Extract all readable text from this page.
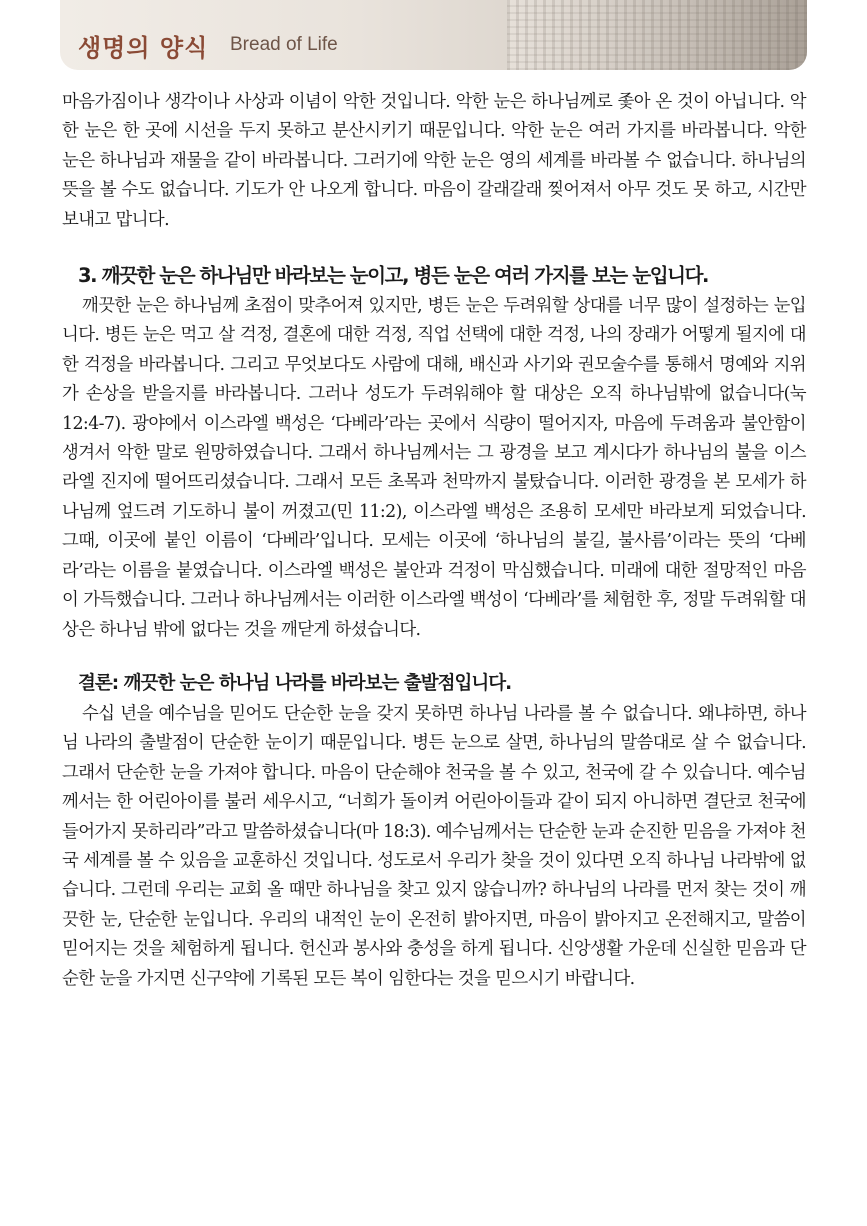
생명의 양식 Bread of Life

마음가짐이나 생각이나 사상과 이념이 악한 것입니다. 악한 눈은 하나님께로 좇아 온 것이 아닙니다. 악한 눈은 한 곳에 시선을 두지 못하고 분산시키기 때문입니다. 악한 눈은 여러 가지를 바라봅니다. 악한 눈은 하나님과 재물을 같이 바라봅니다. 그러기에 악한 눈은 영의 세계를 바라볼 수 없습니다. 하나님의 뜻을 볼 수도 없습니다. 기도가 안 나오게 합니다. 마음이 갈래갈래 찢어져서 아무 것도 못 하고, 시간만 보내고 맙니다.

3. 깨끗한 눈은 하나님만 바라보는 눈이고, 병든 눈은 여러 가지를 보는 눈입니다.

깨끗한 눈은 하나님께 초점이 맞추어져 있지만, 병든 눈은 두려워할 상대를 너무 많이 설정하는 눈입니다. 병든 눈은 먹고 살 걱정, 결혼에 대한 걱정, 직업 선택에 대한 걱정, 나의 장래가 어떻게 될지에 대한 걱정을 바라봅니다. 그리고 무엇보다도 사람에 대해, 배신과 사기와 권모술수를 통해서 명예와 지위가 손상을 받을지를 바라봅니다. 그러나 성도가 두려워해야 할 대상은 오직 하나님밖에 없습니다(눅 12:4-7). 광야에서 이스라엘 백성은 ‘다베라’라는 곳에서 식량이 떨어지자, 마음에 두려움과 불안함이 생겨서 악한 말로 원망하였습니다. 그래서 하나님께서는 그 광경을 보고 계시다가 하나님의 불을 이스라엘 진지에 떨어뜨리셨습니다. 그래서 모든 초목과 천막까지 불탔습니다. 이러한 광경을 본 모세가 하나님께 엎드려 기도하니 불이 꺼졌고(민 11:2), 이스라엘 백성은 조용히 모세만 바라보게 되었습니다. 그때, 이곳에 붙인 이름이 ‘다베라’입니다. 모세는 이곳에 ‘하나님의 불길, 불사름’이라는 뜻의 ‘다베라’라는 이름을 붙였습니다. 이스라엘 백성은 불안과 걱정이 막심했습니다. 미래에 대한 절망적인 마음이 가득했습니다. 그러나 하나님께서는 이러한 이스라엘 백성이 ‘다베라’를 체험한 후, 정말 두려워할 대상은 하나님 밖에 없다는 것을 깨닫게 하셨습니다.

결론: 깨끗한 눈은 하나님 나라를 바라보는 출발점입니다.

수십 년을 예수님을 믿어도 단순한 눈을 갖지 못하면 하나님 나라를 볼 수 없습니다. 왜냐하면, 하나님 나라의 출발점이 단순한 눈이기 때문입니다. 병든 눈으로 살면, 하나님의 말씀대로 살 수 없습니다. 그래서 단순한 눈을 가져야 합니다. 마음이 단순해야 천국을 볼 수 있고, 천국에 갈 수 있습니다. 예수님께서는 한 어린아이를 불러 세우시고, “너희가 돌이켜 어린아이들과 같이 되지 아니하면 결단코 천국에 들어가지 못하리라”라고 말씀하셨습니다(마 18:3). 예수님께서는 단순한 눈과 순진한 믿음을 가져야 천국 세계를 볼 수 있음을 교훈하신 것입니다. 성도로서 우리가 찾을 것이 있다면 오직 하나님 나라밖에 없습니다. 그런데 우리는 교회 올 때만 하나님을 찾고 있지 않습니까? 하나님의 나라를 먼저 찾는 것이 깨끗한 눈, 단순한 눈입니다. 우리의 내적인 눈이 온전히 밝아지면, 마음이 밝아지고 온전해지고, 말씀이 믿어지는 것을 체험하게 됩니다. 헌신과 봉사와 충성을 하게 됩니다. 신앙생활 가운데 신실한 믿음과 단순한 눈을 가지면 신구약에 기록된 모든 복이 임한다는 것을 믿으시기 바랍니다.
